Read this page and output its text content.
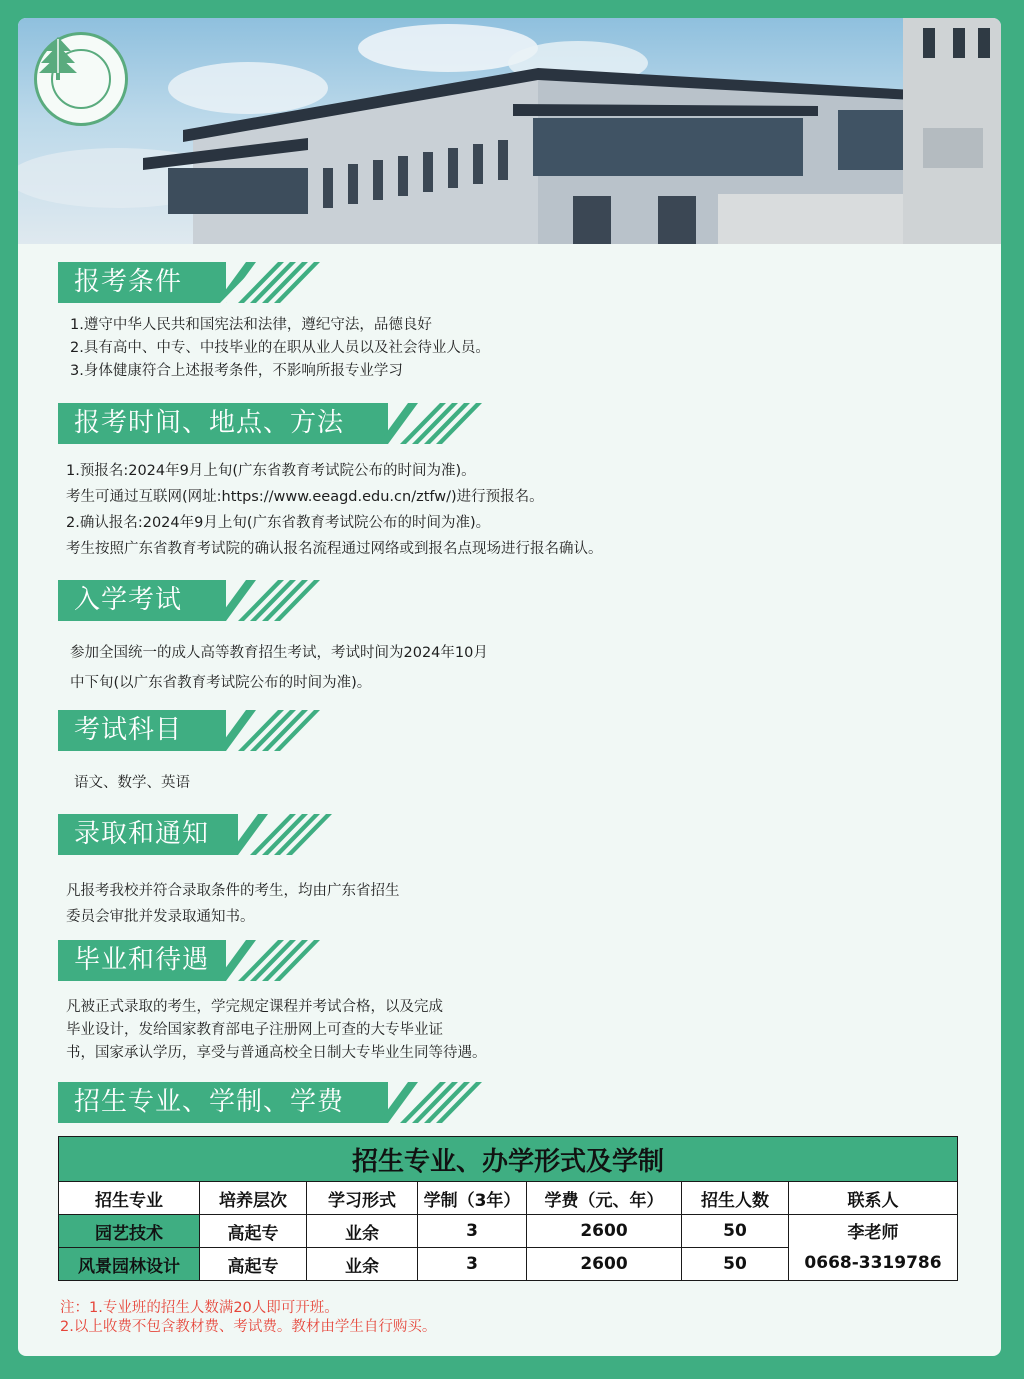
报考条件
1.遵守中华人民共和国宪法和法律，遵纪守法，品德良好
2.具有高中、中专、中技毕业的在职从业人员以及社会待业人员。
3.身体健康符合上述报考条件，不影响所报专业学习
报考时间、地点、方法
1.预报名:2024年9月上旬(广东省教育考试院公布的时间为准)。
考生可通过互联网(网址:https://www.eeagd.edu.cn/ztfw/)进行预报名。
2.确认报名:2024年9月上旬(广东省教育考试院公布的时间为准)。
考生按照广东省教育考试院的确认报名流程通过网络或到报名点现场进行报名确认。
入学考试
参加全国统一的成人高等教育招生考试，考试时间为2024年10月
中下旬(以广东省教育考试院公布的时间为准)。
考试科目
语文、数学、英语
录取和通知
凡报考我校并符合录取条件的考生，均由广东省招生
委员会审批并发录取通知书。
毕业和待遇
凡被正式录取的考生，学完规定课程并考试合格，以及完成
毕业设计，发给国家教育部电子注册网上可查的大专毕业证
书，国家承认学历，享受与普通高校全日制大专毕业生同等待遇。
招生专业、学制、学费
招生专业、办学形式及学制						
招生专业	培养层次	学习形式	学制（3年）	学费（元、年）	招生人数	联系人
园艺技术	高起专	业余	3	2600	50	李老师
0668-3319786

风景园林设计	高起专	业余	3	2600	50	
注：1.专业班的招生人数满20人即可开班。
2.以上收费不包含教材费、考试费。教材由学生自行购买。
